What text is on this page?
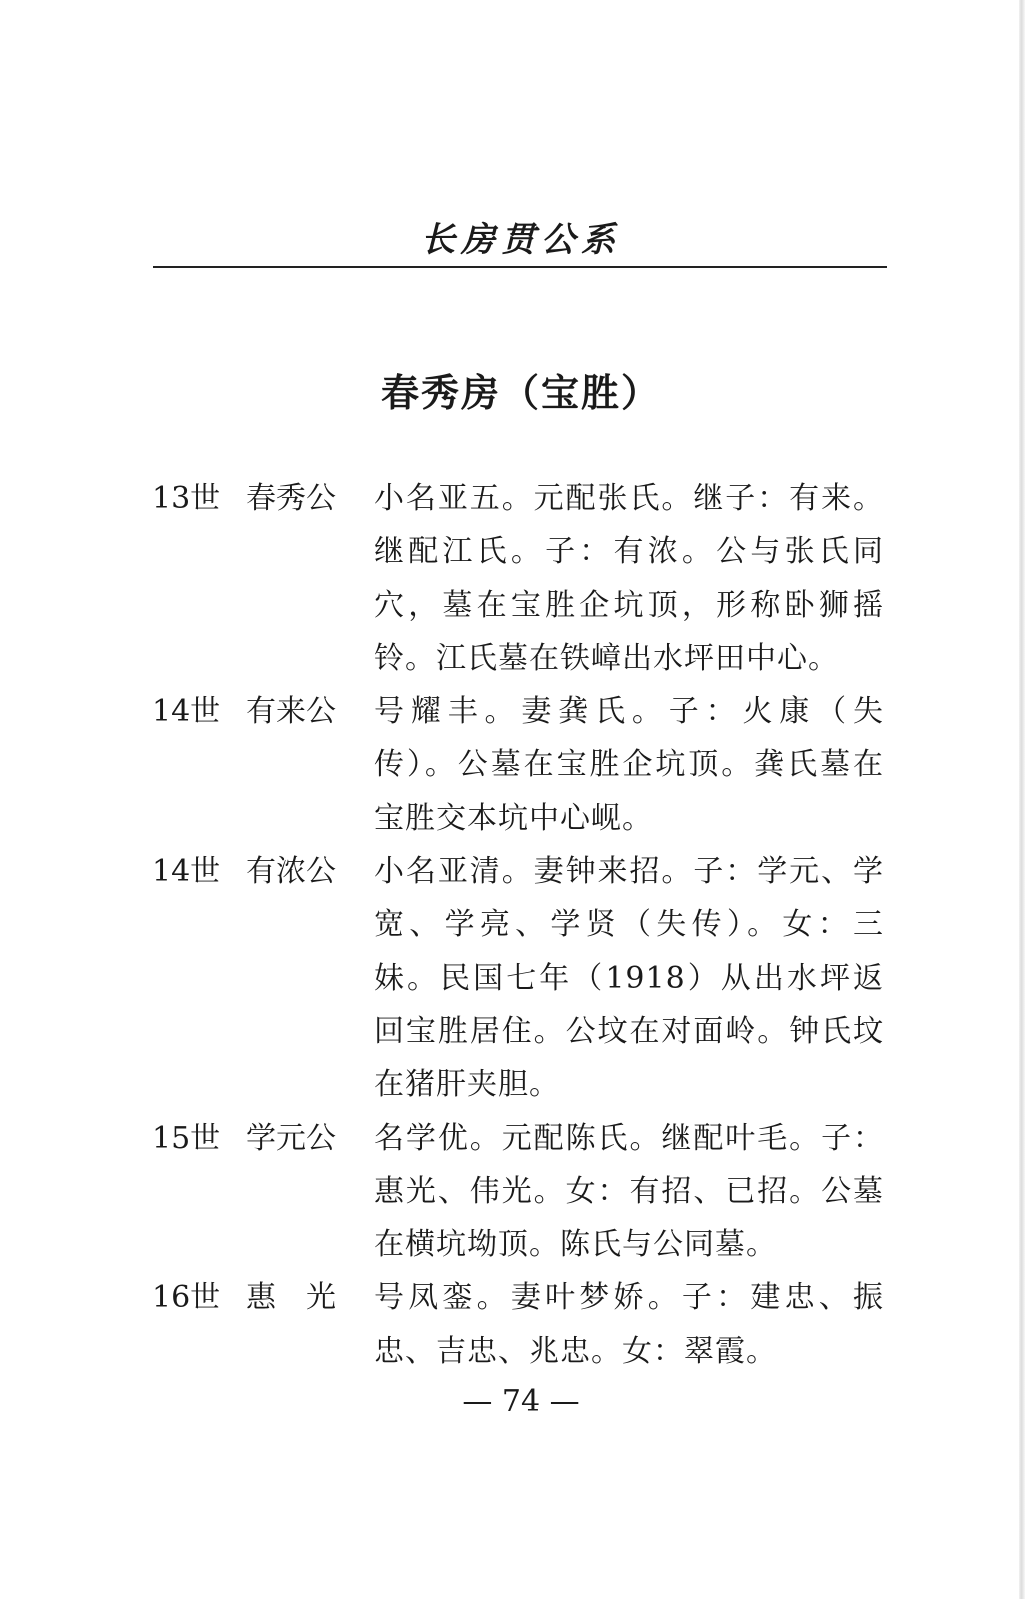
长房贯公系
春秀房（宝胜）
13世 春秀公	小名亚五。元配张氏。继子：有来。继配江氏。子：有浓。公与张氏同穴，墓在宝胜企坑顶，形称卧狮摇铃。江氏墓在铁嶂出水坪田中心。
14世 有来公	号耀丰。妻龚氏。子：火康（失传）。公墓在宝胜企坑顶。龚氏墓在宝胜交本坑中心岘。
14世 有浓公	小名亚清。妻钟来招。子：学元、学宽、学亮、学贤（失传）。女：三妹。民国七年（1918）从出水坪返回宝胜居住。公坟在对面岭。钟氏坟在猪肝夹胆。
15世 学元公	名学优。元配陈氏。继配叶毛。子：惠光、伟光。女：有招、已招。公墓在横坑坳顶。陈氏与公同墓。
16世 惠　光	号凤銮。妻叶梦娇。子：建忠、振忠、吉忠、兆忠。女：翠霞。
— 74 —
